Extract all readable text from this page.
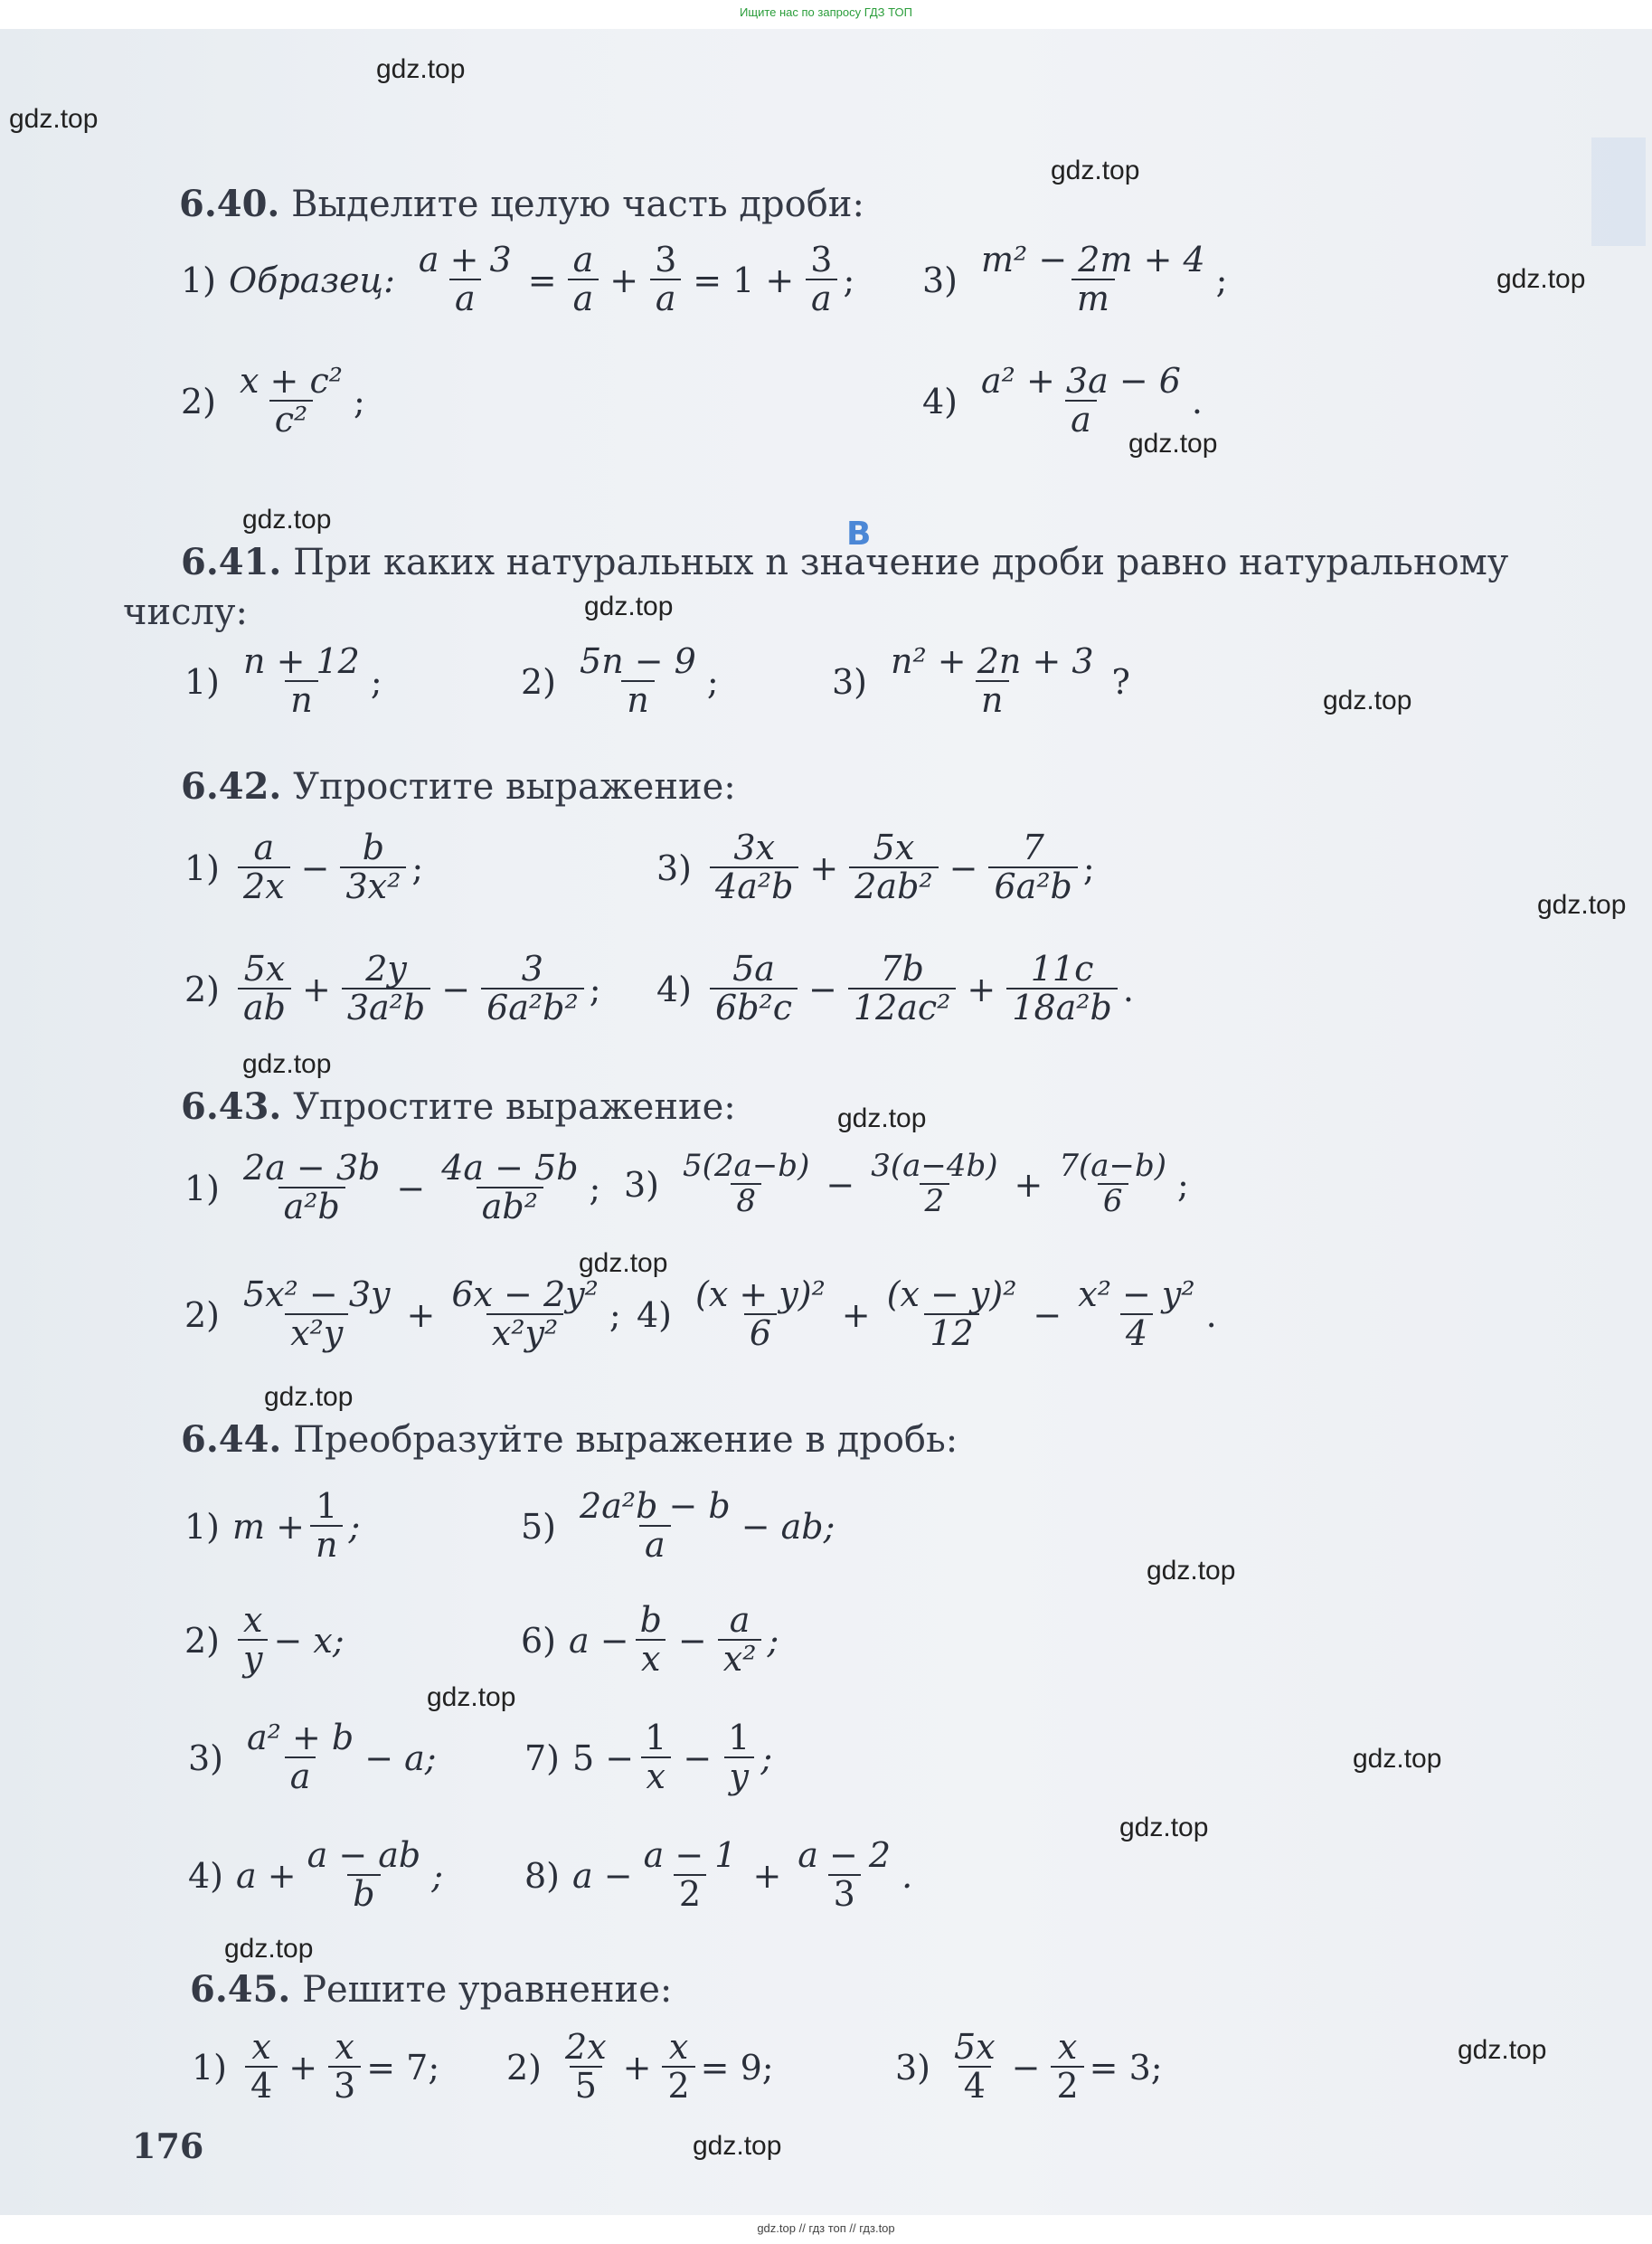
Ищите нас по запросу ГДЗ ТОП
gdz.top
gdz.top
gdz.top
gdz.top
gdz.top
gdz.top
gdz.top
gdz.top
gdz.top
gdz.top
gdz.top
gdz.top
gdz.top
gdz.top
gdz.top
gdz.top
gdz.top
gdz.top
gdz.top
gdz.top
6.40. Выделите целую часть дроби:
1) Образец: $\frac{a + 3}{a} = \frac{a}{a} + \frac{3}{a} = 1 + \frac{3}{a}$ ; $3) \frac{\text{m² − 2m + 4}}{m}$ ;
$2) \frac{\text{x + c²}}{\text{c²}}$ ;	$4) \frac{\text{a² + 3a − 6}}{a}$ .
В
6.41. При каких натуральных n значение дроби равно натуральному
числу:
$1) \frac{n + 12}{n}$ ;	$2) \frac{5n - 9}{n}$ ;	$3) \frac{\text{n² + 2n + 3}}{n}$ ?
6.42. Упростите выражение:
$1) \frac{a}{2x} - \frac{b}{\text{3x²}}$ ;	$3) \frac{3x}{\text{4a²b}} + \frac{5x}{\text{2ab²}} - \frac{7}{\text{6a²b}}$ ;
$2) \frac{5x}{ab} + \frac{2y}{\text{3a²b}} - \frac{3}{\text{6a²b²}}$ ; $4) \frac{5a}{\text{6b²c}} - \frac{7b}{\text{12ac²}} + \frac{11c}{\text{18a²b}}$ .
6.43. Упростите выражение:
$1) \frac{2a - 3b}{\text{a²b}} - \frac{4a - 5b}{\text{ab²}}$ ; $3) \frac{5(2a-b)}{8} - \frac{3(a-4b)}{2} + \frac{7(a-b)}{6}$ ;
$2) \frac{\text{5x² − 3y}}{\text{x²y}} + \frac{\text{6x − 2y²}}{\text{x²y²}}$ ; $4) \frac{\text{(x + y)²}}{6} + \frac{\text{(x − y)²}}{12} - \frac{\text{x² − y²}}{4}$ .
6.44. Преобразуйте выражение в дробь:
1) $m + \frac{1}{n}$ ;	$5) \frac{\text{2a²b − b}}{a}$ − ab;
$2) \frac{x}{y} - x$;	6) $a - \frac{b}{x} - \frac{a}{\text{x²}}$ ;
$3) \frac{\text{a² + b}}{a} - a$;	7) $5 - \frac{1}{x} - \frac{1}{y}$ ;
4) $a + \frac{a - ab}{b}$ ; 8) $a - \frac{a - 1}{2} + \frac{a - 2}{3}$ .
6.45. Решите уравнение:
$1) \frac{x}{4} + \frac{x}{3} = 7$; $2) \frac{2x}{5} + \frac{x}{2} = 9$;	$3) \frac{5x}{4} - \frac{x}{2} = 3$;
176
gdz.top // гдз топ // гдз.top
